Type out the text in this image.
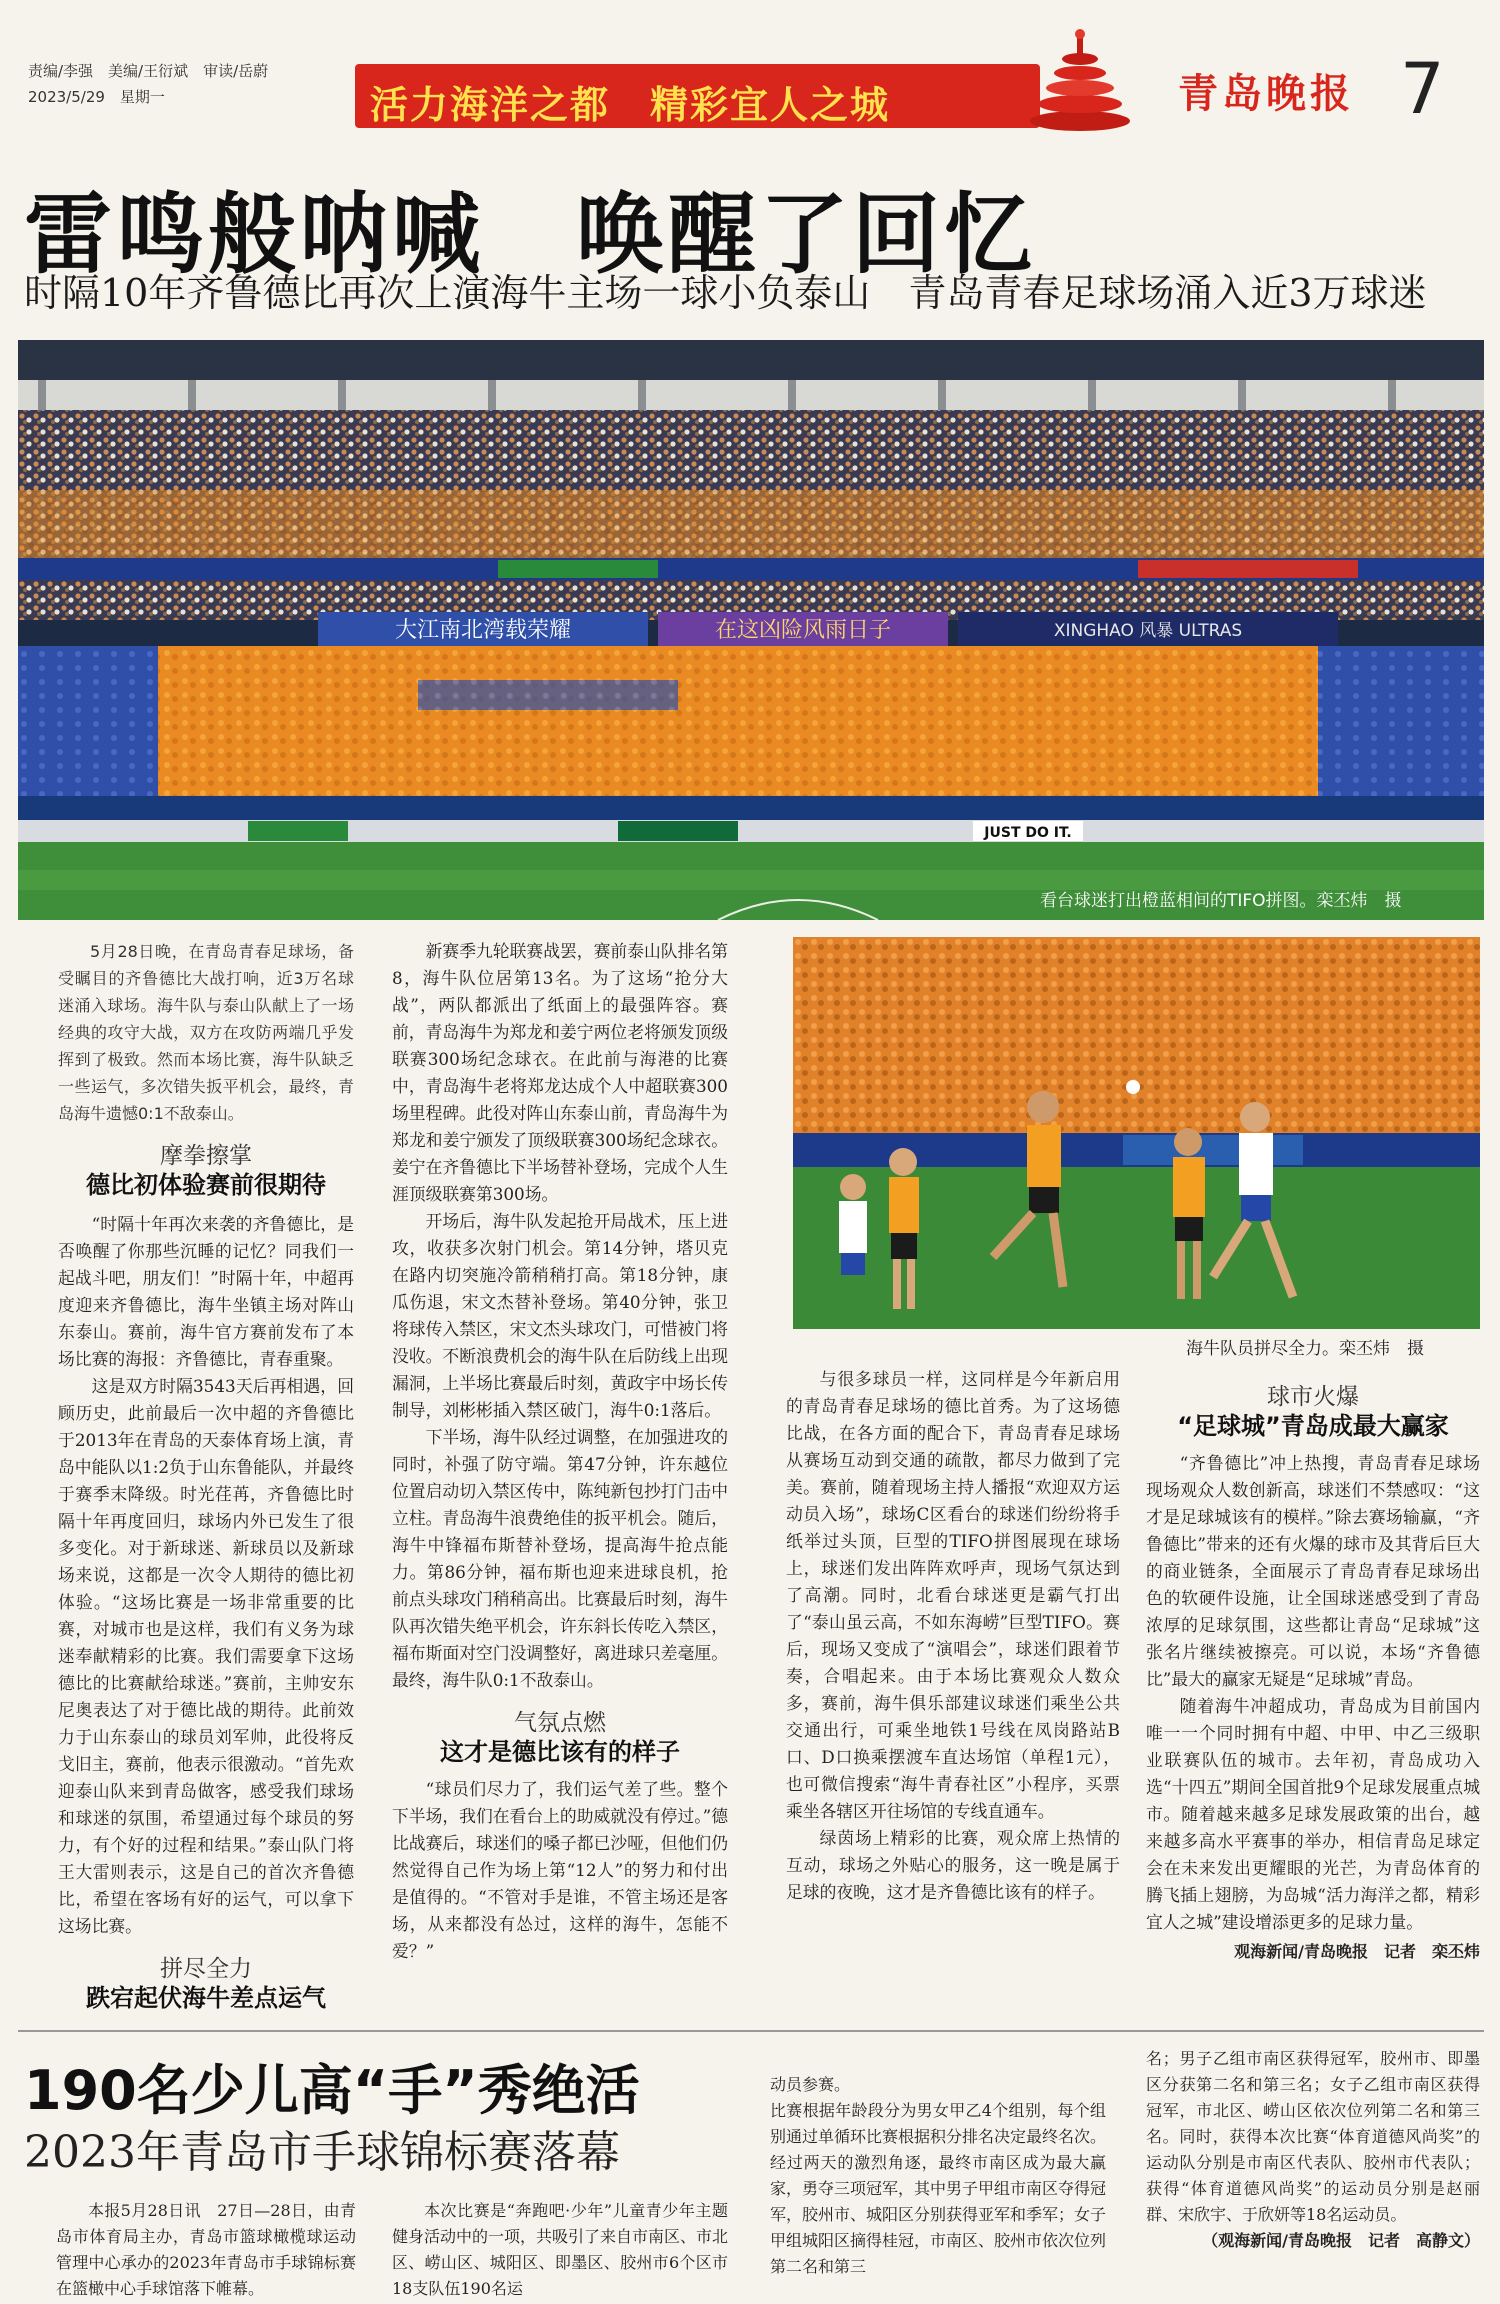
责编/李强　美编/王衍斌　审读/岳蔚
2023/5/29　星期一	活力海洋之都　精彩宜人之城	青岛晚报 7
雷鸣般呐喊　唤醒了回忆
时隔10年齐鲁德比再次上演海牛主场一球小负泰山　青岛青春足球场涌入近3万球迷
大江南北湾载荣耀	在这凶险风雨日子	XINGHAO 风暴 ULTRAS
JUST DO IT.
看台球迷打出橙蓝相间的TIFO拼图。栾丕炜　摄
5月28日晚，在青岛青春足球场，备受瞩目的齐鲁德比大战打响，近3万名球迷涌入球场。海牛队与泰山队献上了一场经典的攻守大战，双方在攻防两端几乎发挥到了极致。然而本场比赛，海牛队缺乏一些运气，多次错失扳平机会，最终，青岛海牛遗憾0:1不敌泰山。
摩拳擦掌
德比初体验赛前很期待

“时隔十年再次来袭的齐鲁德比，是否唤醒了你那些沉睡的记忆？同我们一起战斗吧，朋友们！”时隔十年，中超再度迎来齐鲁德比，海牛坐镇主场对阵山东泰山。赛前，海牛官方赛前发布了本场比赛的海报：齐鲁德比，青春重聚。

这是双方时隔3543天后再相遇，回顾历史，此前最后一次中超的齐鲁德比于2013年在青岛的天泰体育场上演，青岛中能队以1:2负于山东鲁能队，并最终于赛季末降级。时光荏苒，齐鲁德比时隔十年再度回归，球场内外已发生了很多变化。对于新球迷、新球员以及新球场来说，这都是一次令人期待的德比初体验。“这场比赛是一场非常重要的比赛，对城市也是这样，我们有义务为球迷奉献精彩的比赛。我们需要拿下这场德比的比赛献给球迷。”赛前，主帅安东尼奥表达了对于德比战的期待。此前效力于山东泰山的球员刘军帅，此役将反戈旧主，赛前，他表示很激动。“首先欢迎泰山队来到青岛做客，感受我们球场和球迷的氛围，希望通过每个球员的努力，有个好的过程和结果。”泰山队门将王大雷则表示，这是自己的首次齐鲁德比，希望在客场有好的运气，可以拿下这场比赛。

拼尽全力
跌宕起伏海牛差点运气

新赛季九轮联赛战罢，赛前泰山队排名第8，海牛队位居第13名。为了这场“抢分大战”，两队都派出了纸面上的最强阵容。赛前，青岛海牛为郑龙和姜宁两位老将颁发顶级联赛300场纪念球衣。在此前与海港的比赛中，青岛海牛老将郑龙达成个人中超联赛300场里程碑。此役对阵山东泰山前，青岛海牛为郑龙和姜宁颁发了顶级联赛300场纪念球衣。姜宁在齐鲁德比下半场替补登场，完成个人生涯顶级联赛第300场。

开场后，海牛队发起抢开局战术，压上进攻，收获多次射门机会。第14分钟，塔贝克在路内切突施冷箭稍稍打高。第18分钟，康瓜伤退，宋文杰替补登场。第40分钟，张卫将球传入禁区，宋文杰头球攻门，可惜被门将没收。不断浪费机会的海牛队在后防线上出现漏洞，上半场比赛最后时刻，黄政宇中场长传制导，刘彬彬插入禁区破门，海牛0:1落后。

下半场，海牛队经过调整，在加强进攻的同时，补强了防守端。第47分钟，许东越位位置启动切入禁区传中，陈纯新包抄打门击中立柱。青岛海牛浪费绝佳的扳平机会。随后，海牛中锋福布斯替补登场，提高海牛抢点能力。第86分钟，福布斯也迎来进球良机，抢前点头球攻门稍稍高出。比赛最后时刻，海牛队再次错失绝平机会，许东斜长传吃入禁区，福布斯面对空门没调整好，离进球只差毫厘。最终，海牛队0:1不敌泰山。

气氛点燃
这才是德比该有的样子

“球员们尽力了，我们运气差了些。整个下半场，我们在看台上的助威就没有停过。”德比战赛后，球迷们的嗓子都已沙哑，但他们仍然觉得自己作为场上第“12人”的努力和付出是值得的。“不管对手是谁，不管主场还是客场，从来都没有怂过，这样的海牛，怎能不爱？”

海牛队员拼尽全力。栾丕炜　摄

与很多球员一样，这同样是今年新启用的青岛青春足球场的德比首秀。为了这场德比战，在各方面的配合下，青岛青春足球场从赛场互动到交通的疏散，都尽力做到了完美。赛前，随着现场主持人播报“欢迎双方运动员入场”，球场C区看台的球迷们纷纷将手纸举过头顶，巨型的TIFO拼图展现在球场上，球迷们发出阵阵欢呼声，现场气氛达到了高潮。同时，北看台球迷更是霸气打出了“泰山虽云高，不如东海崂”巨型TIFO。赛后，现场又变成了“演唱会”，球迷们跟着节奏，合唱起来。由于本场比赛观众人数众多，赛前，海牛俱乐部建议球迷们乘坐公共交通出行，可乘坐地铁1号线在凤岗路站B口、D口换乘摆渡车直达场馆（单程1元），也可微信搜索“海牛青春社区”小程序，买票乘坐各辖区开往场馆的专线直通车。

绿茵场上精彩的比赛，观众席上热情的互动，球场之外贴心的服务，这一晚是属于足球的夜晚，这才是齐鲁德比该有的样子。

球市火爆
“足球城”青岛成最大赢家

“齐鲁德比”冲上热搜，青岛青春足球场现场观众人数创新高，球迷们不禁感叹：“这才是足球城该有的模样。”除去赛场输赢，“齐鲁德比”带来的还有火爆的球市及其背后巨大的商业链条，全面展示了青岛青春足球场出色的软硬件设施，让全国球迷感受到了青岛浓厚的足球氛围，这些都让青岛“足球城”这张名片继续被擦亮。可以说，本场“齐鲁德比”最大的赢家无疑是“足球城”青岛。

随着海牛冲超成功，青岛成为目前国内唯一一个同时拥有中超、中甲、中乙三级职业联赛队伍的城市。去年初，青岛成功入选“十四五”期间全国首批9个足球发展重点城市。随着越来越多足球发展政策的出台，越来越多高水平赛事的举办，相信青岛足球定会在未来发出更耀眼的光芒，为青岛体育的腾飞插上翅膀，为岛城“活力海洋之都，精彩宜人之城”建设增添更多的足球力量。

观海新闻/青岛晚报　记者　栾丕炜
190名少儿高“手”秀绝活
2023年青岛市手球锦标赛落幕

本报5月28日讯　27日—28日，由青岛市体育局主办，青岛市篮球橄榄球运动管理中心承办的2023年青岛市手球锦标赛在篮橄中心手球馆落下帷幕。

本次比赛是“奔跑吧·少年”儿童青少年主题健身活动中的一项，共吸引了来自市南区、市北区、崂山区、城阳区、即墨区、胶州市6个区市18支队伍190名运

动员参赛。
比赛根据年龄段分为男女甲乙4个组别，每个组别通过单循环比赛根据积分排名决定最终名次。经过两天的激烈角逐，最终市南区成为最大赢家，勇夺三项冠军，其中男子甲组市南区夺得冠军，胶州市、城阳区分别获得亚军和季军；女子甲组城阳区摘得桂冠，市南区、胶州市依次位列第二名和第三

名；男子乙组市南区获得冠军，胶州市、即墨区分获第二名和第三名；女子乙组市南区获得冠军，市北区、崂山区依次位列第二名和第三名。同时，获得本次比赛“体育道德风尚奖”的运动队分别是市南区代表队、胶州市代表队；获得“体育道德风尚奖”的运动员分别是赵丽群、宋欣宇、于欣妍等18名运动员。
（观海新闻/青岛晚报　记者　高静文）
